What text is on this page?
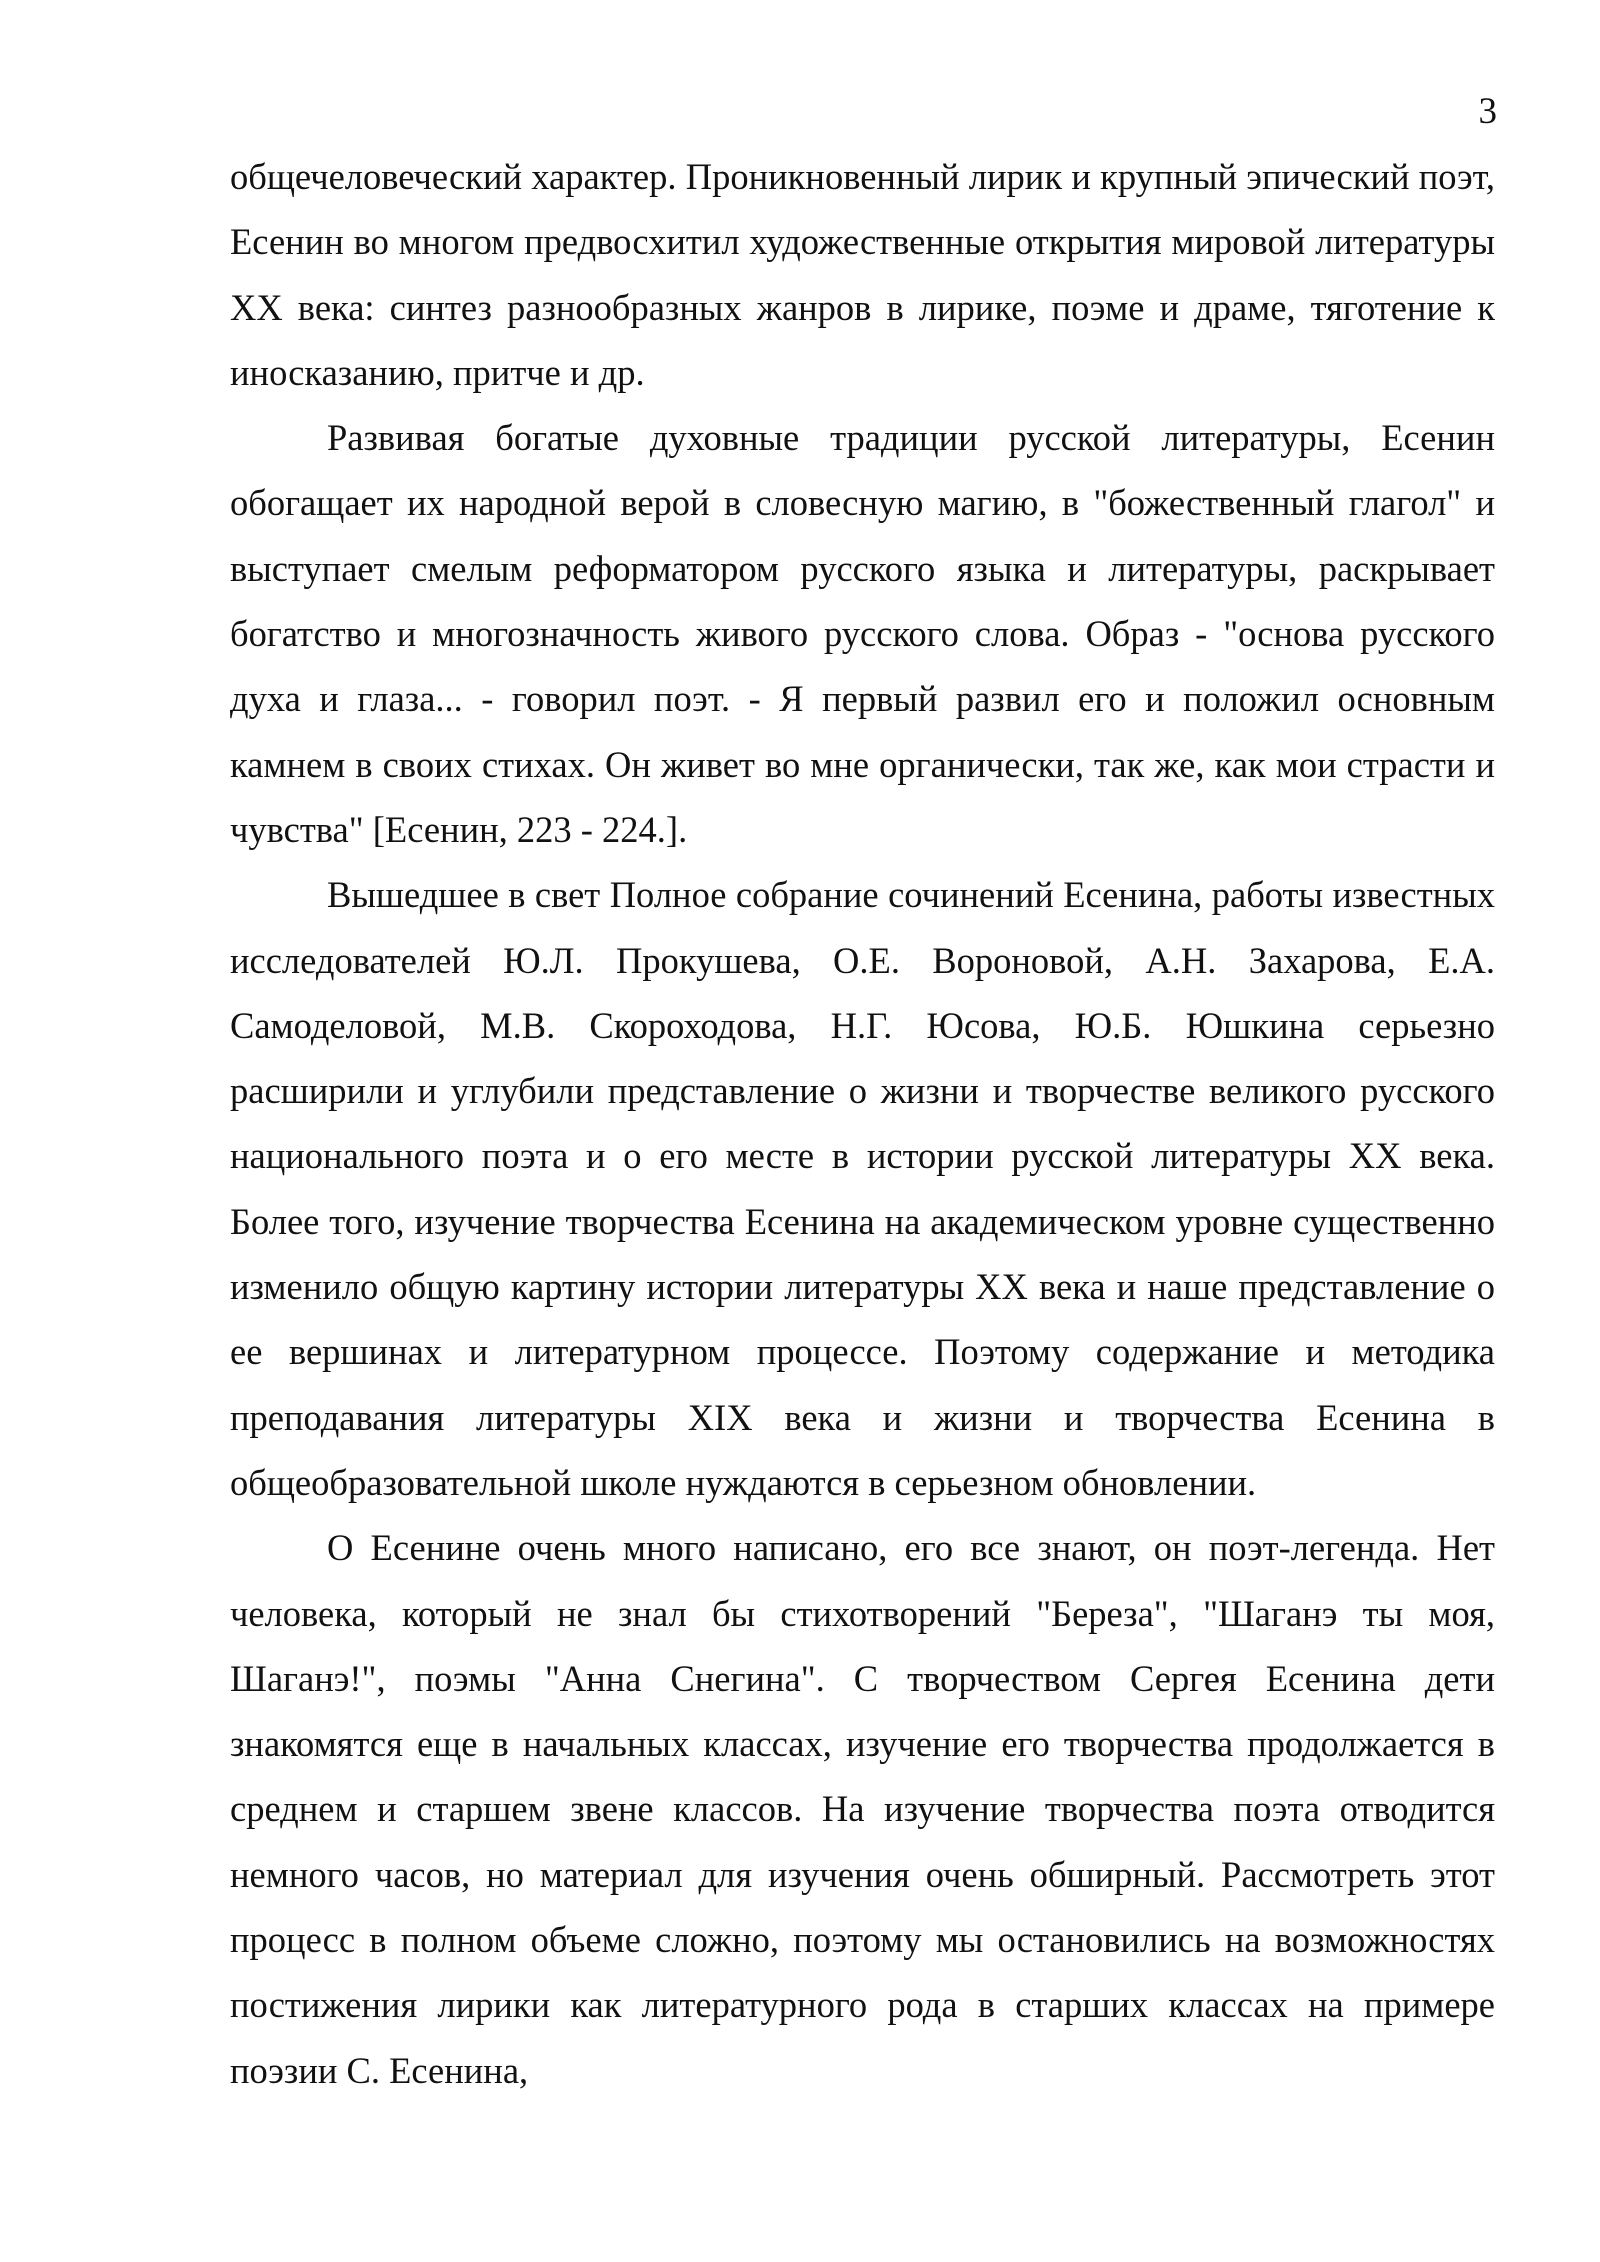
3

общечеловеческий характер. Проникновенный лирик и крупный эпический поэт, Есенин во многом предвосхитил художественные открытия мировой литературы XX века: синтез разнообразных жанров в лирике, поэме и драме, тяготение к иносказанию, притче и др.

Развивая богатые духовные традиции русской литературы, Есенин обогащает их народной верой в словесную магию, в "божественный глагол" и выступает смелым реформатором русского языка и литературы, раскрывает богатство и многозначность живого русского слова. Образ - "основа русского духа и глаза... - говорил поэт. - Я первый развил его и положил основным камнем в своих стихах. Он живет во мне органически, так же, как мои страсти и чувства" [Есенин, 223 - 224.].

Вышедшее в свет Полное собрание сочинений Есенина, работы известных исследователей Ю.Л. Прокушева, О.Е. Вороновой, А.Н. Захарова, Е.А. Самоделовой, М.В. Скороходова, Н.Г. Юсова, Ю.Б. Юшкина серьезно расширили и углубили представление о жизни и творчестве великого русского национального поэта и о его месте в истории русской литературы XX века. Более того, изучение творчества Есенина на академическом уровне существенно изменило общую картину истории литературы XX века и наше представление о ее вершинах и литературном процессе. Поэтому содержание и методика преподавания литературы XIX века и жизни и творчества Есенина в общеобразовательной школе нуждаются в серьезном обновлении.

О Есенине очень много написано, его все знают, он поэт-легенда. Нет человека, который не знал бы стихотворений "Береза", "Шаганэ ты моя, Шаганэ!", поэмы "Анна Снегина". С творчеством Сергея Есенина дети знакомятся еще в начальных классах, изучение его творчества продолжается в среднем и старшем звене классов. На изучение творчества поэта отводится немного часов, но материал для изучения очень обширный. Рассмотреть этот процесс в полном объеме сложно, поэтому мы остановились на возможностях постижения лирики как литературного рода в старших классах на примере поэзии С. Есенина,
